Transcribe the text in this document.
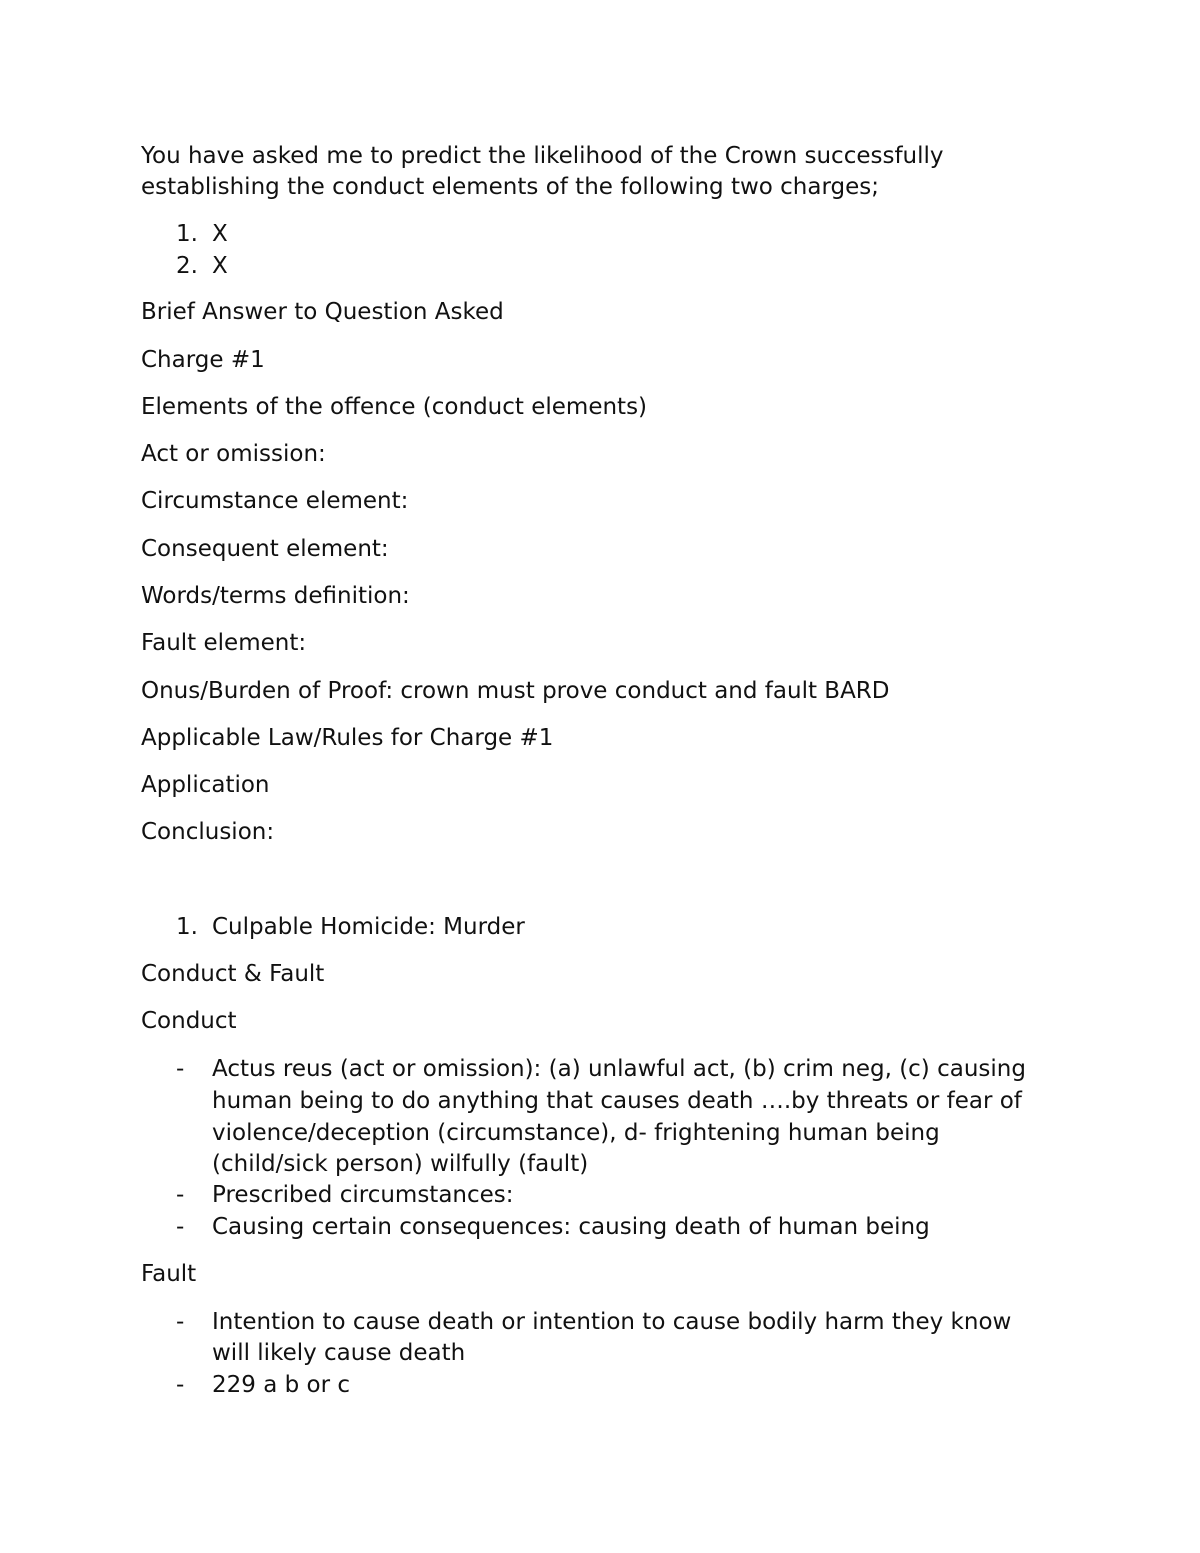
You have asked me to predict the likelihood of the Crown successfully
establishing the conduct elements of the following two charges;
1. X
2. X
Brief Answer to Question Asked
Charge #1
Elements of the offence (conduct elements)
Act or omission:
Circumstance element:
Consequent element:
Words/terms definition:
Fault element:
Onus/Burden of Proof: crown must prove conduct and fault BARD
Applicable Law/Rules for Charge #1
Application
Conclusion:
1. Culpable Homicide: Murder
Conduct & Fault
Conduct
- Actus reus (act or omission): (a) unlawful act, (b) crim neg, (c) causing
human being to do anything that causes death ….by threats or fear of
violence/deception (circumstance), d- frightening human being
(child/sick person) wilfully (fault)
- Prescribed circumstances:
- Causing certain consequences: causing death of human being
Fault
- Intention to cause death or intention to cause bodily harm they know
will likely cause death
- 229 a b or c
